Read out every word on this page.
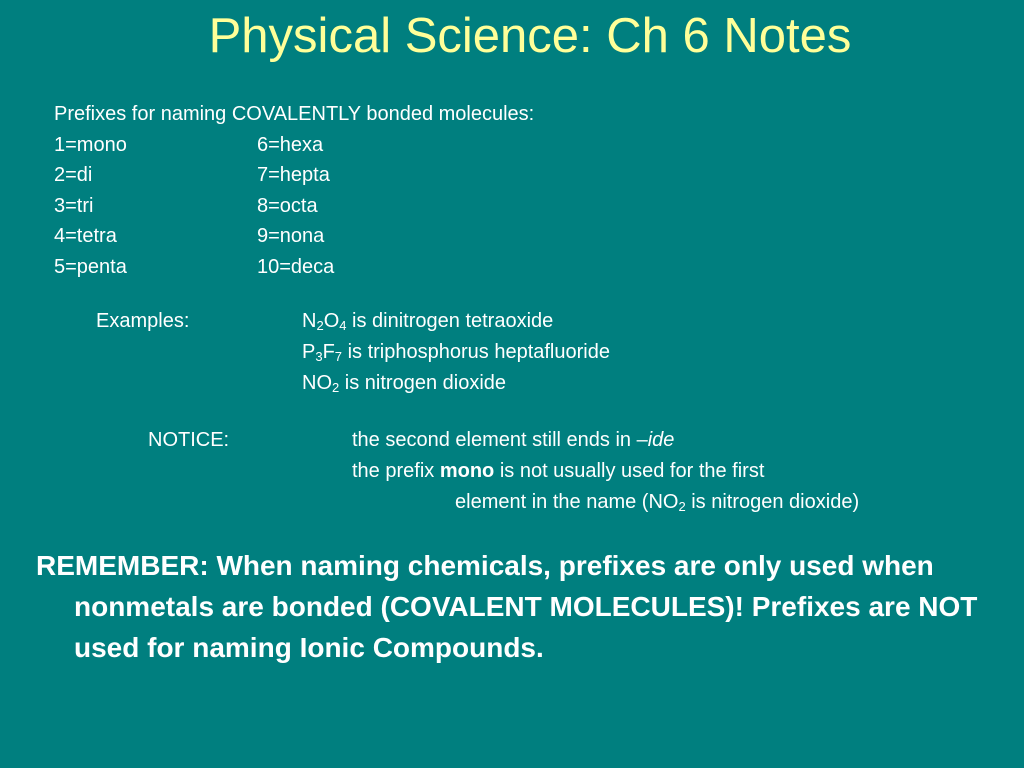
Physical Science: Ch 6 Notes
Prefixes for naming COVALENTLY bonded molecules:
1=mono	6=hexa
2=di	7=hepta
3=tri	8=octa
4=tetra	9=nona
5=penta	10=deca
Examples:	$N_2O_4$ is dinitrogen tetraoxide
$P_3F_7$ is triphosphorus heptafluoride
$NO_2$ is nitrogen dioxide
NOTICE:	the second element still ends in –ide
the prefix mono is not usually used for the first
element in the name ($NO_2$ is nitrogen dioxide)
REMEMBER: When naming chemicals, prefixes are only used when nonmetals are bonded (COVALENT MOLECULES)! Prefixes are NOT used for naming Ionic Compounds.
